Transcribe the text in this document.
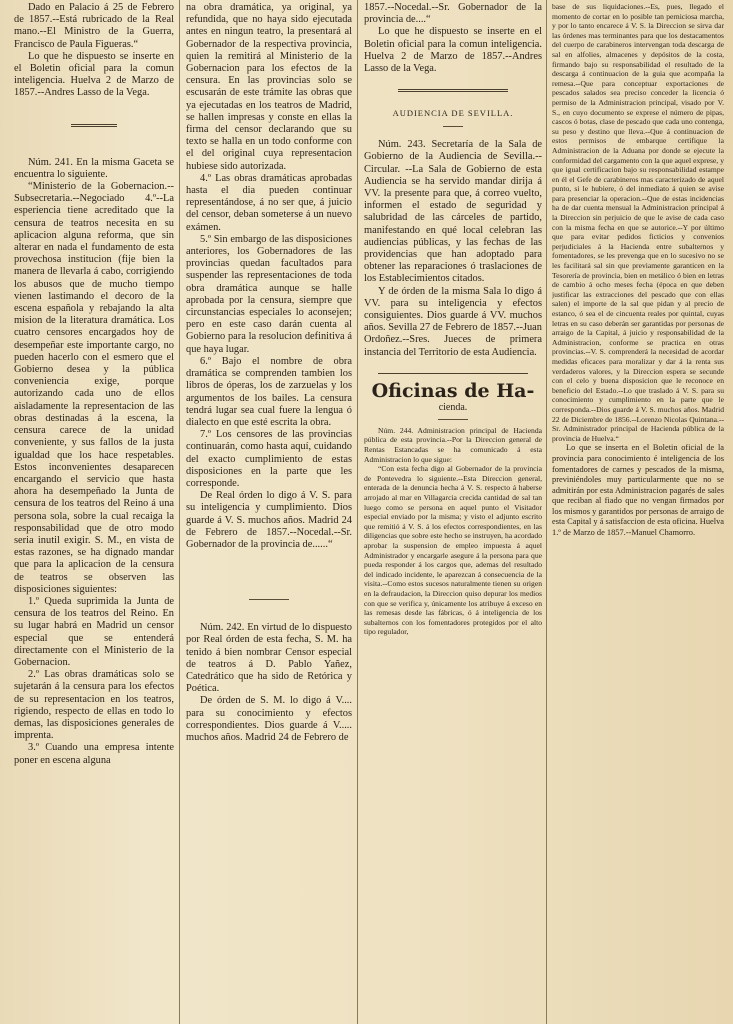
Dado en Palacio á 25 de Febrero de 1857.--Está rubricado de la Real mano.--El Ministro de la Guerra, Francisco de Paula Figueras.“

Lo que he dispuesto se inserte en el Boletin oficial para la comun inteligencia. Huelva 2 de Marzo de 1857.--Andres Lasso de la Vega.

Núm. 241. En la misma Gaceta se encuentra lo siguiente.

“Ministerio de la Gobernacion.--Subsecretaria.--Negociado 4.º--La esperiencia tiene acreditado que la censura de teatros necesita en su aplicacion alguna reforma, que sin alterar en nada el fundamento de esta provechosa institucion (fije bien la manera de llevarla á cabo, corrigiendo los abusos que de mucho tiempo vienen lastimando el decoro de la escena española y rebajando la alta mision de la literatura dramática. Los cuatro censores encargados hoy de desempeñar este importante cargo, no pueden hacerlo con el esmero que el Gobierno desea y la pública conveniencia exige, porque autorizando cada uno de ellos aisladamente la representacion de las obras destinadas á la escena, la censura carece de la unidad conveniente, y sus fallos de la justa igualdad que los hace respetables. Estos inconvenientes desaparecen encargando el servicio que hasta ahora ha desempeñado la Junta de censura de los teatros del Reino á una persona sola, sobre la cual recaiga la responsabilidad que de otro modo seria inutil exigir. S. M., en vista de estas razones, se ha dignado mandar que para la aplicacion de la censura de teatros se observen las disposiciones siguientes:

1.º Queda suprimida la Junta de censura de los teatros del Reino. En su lugar habrá en Madrid un censor especial que se entenderá directamente con el Ministerio de la Gobernacion.

2.º Las obras dramáticas solo se sujetarán á la censura para los efectos de su representacion en los teatros, rigiendo, respecto de ellas en todo lo demas, las disposiciones generales de imprenta.

3.º Cuando una empresa intente poner en escena alguna

na obra dramática, ya original, ya refundida, que no haya sido ejecutada antes en ningun teatro, la presentará al Gobernador de la respectiva provincia, quien la remitirá al Ministerio de la Gobernacion para los efectos de la censura. En las provincias solo se escusarán de este trámite las obras que ya ejecutadas en los teatros de Madrid, se hallen impresas y conste en ellas la firma del censor declarando que su texto se halla en un todo conforme con el del original cuya representacion hubiese sido autorizada.

4.º Las obras dramáticas aprobadas hasta el dia pueden continuar representándose, á no ser que, á juicio del censor, deban someterse á un nuevo exámen.

5.º Sin embargo de las disposiciones anteriores, los Gobernadores de las provincias quedan facultados para suspender las representaciones de toda obra dramática aunque se halle aprobada por la censura, siempre que circunstancias especiales lo aconsejen; pero en este caso darán cuenta al Gobierno para la resolucion definitiva á que haya lugar.

6.º Bajo el nombre de obra dramática se comprenden tambien los libros de óperas, los de zarzuelas y los argumentos de los bailes. La censura tendrá lugar sea cual fuere la lengua ó dialecto en que esté escrita la obra.

7.º Los censores de las provincias continuarán, como hasta aquí, cuidando del exacto cumplimiento de estas disposiciones en la parte que les corresponde.

De Real órden lo digo á V. S. para su inteligencia y cumplimiento. Dios guarde á V. S. muchos años. Madrid 24 de Febrero de 1857.--Nocedal.--Sr. Gobernador de la provincia de......“

Núm. 242. En virtud de lo dispuesto por Real órden de esta fecha, S. M. ha tenido á bien nombrar Censor especial de teatros á D. Pablo Yañez, Catedrático que ha sido de Retórica y Poética.

De órden de S. M. lo digo á V.... para su conocimiento y efectos correspondientes. Dios guarde á V..... muchos años. Madrid 24 de Febrero de

1857.--Nocedal.--Sr. Gobernador de la provincia de....“

Lo que he dispuesto se inserte en el Boletin oficial para la comun inteligencia. Huelva 2 de Marzo de 1857.--Andres Lasso de la Vega.

AUDIENCIA DE SEVILLA.

Núm. 243. Secretaría de la Sala de Gobierno de la Audiencia de Sevilla.--Circular. --La Sala de Gobierno de esta Audiencia se ha servido mandar dirija á VV. la presente para que, á correo vuelto, informen el estado de seguridad y salubridad de las cárceles de partido, manifestando en qué local celebran las audiencias públicas, y las fechas de las providencias que han adoptado para obtener las reparaciones ó traslaciones de los Establecimientos citados.

Y de órden de la misma Sala lo digo á VV. para su inteligencia y efectos consiguientes. Dios guarde á VV. muchos años. Sevilla 27 de Febrero de 1857.--Juan Ordoñez.--Sres. Jueces de primera instancia del Territorio de esta Audiencia.

Oficinas de Ha-
cienda.

Núm. 244. Administracion principal de Hacienda pública de esta provincia.--Por la Direccion general de Rentas Estancadas se ha comunicado á esta Administracion lo que sigue:

“Con esta fecha digo al Gobernador de la provincia de Pontevedra lo siguiente.--Esta Direccion general, enterada de la denuncia hecha á V. S. respecto á haberse arrojado al mar en Villagarcia crecida cantidad de sal tan luego como se persona en aquel punto el Visitador especial enviado por la misma; y visto el adjunto escrito que remitió á V. S. á los efectos correspondientes, en las diligencias que sobre este hecho se instruyen, ha acordado aprobar la suspension de empleo impuesta á aquel Administrador y encargarle asegure á la persona para que pueda responder á los cargos que, ademas del resultado del indicado incidente, le aparezcan á consecuencia de la visita.--Como estos sucesos naturalmente tienen su origen en la defraudacion, la Direccion quiso depurar los medios con que se verifica y, únicamente los atribuye á exceso en las remesas desde las fábricas, ó á inteligencia de los subalternos con los fomentadores protegidos por el alto tipo regulador,

base de sus liquidaciones.--Es, pues, llegado el momento de cortar en lo posible tan perniciosa marcha, y por lo tanto encarece á V. S. la Direccion se sirva dar las órdenes mas terminantes para que los destacamentos del cuerpo de carabineros intervengan toda descarga de sal en alfolies, almacenes y depósitos de la costa, firmando bajo su responsabilidad el resultado de la descarga á continuacion de la guia que acompaña la remesa.--Que para conceptuar exportaciones de pescados salados sea preciso conceder la licencia ó permiso de la Administracion principal, visado por V. S., en cuyo documento se exprese el número de pipas, cascos ó botas, clase de pescado que cada uno contenga, su peso y destino que lleva.--Que á continuacion de estos permisos de embarque certifique la Administracion de la Aduana por donde se ejecute la conformidad del cargamento con la que aquel exprese, y que igual certificacion bajo su responsabilidad estampe en él el Gefe de carabineros mas caracterizado de aquel punto, si le hubiere, ó del inmediato á quien se avise para presenciar la operacion.--Que de estas incidencias ha de dar cuenta mensual la Administracion principal á la Direccion sin perjuicio de que le avise de cada caso con la misma fecha en que se autorice.--Y por último que para evitar pedidos ficticios y convenios perjudiciales á la Hacienda entre subalternos y fomentadores, se les prevenga que en lo sucesivo no se les facilitará sal sin que previamente garanticen en la Tesorería de provincia, bien en metálico ó bien en letras de cambio á ocho meses fecha (época en que deben justificar las extracciones del pescado que con ellas salen) el importe de la sal que pidan y al precio de estanco, ó sea el de cincuenta reales por quintal, cuyas letras en su caso deberán ser garantidas por personas de arraigo de la Capital, á juicio y responsabilidad de la Administracion, conforme se practica en otras provincias.--V. S. comprenderá la necesidad de acordar medidas eficaces para moralizar y dar á la renta sus verdaderos valores, y la Direccion espera se secunde con el celo y buena disposicion que le reconoce en beneficio del Estado.--Lo que traslado á V. S. para su conocimiento y cumplimiento en la parte que le corresponda.--Dios guarde á V. S. muchos años. Madrid 22 de Diciembre de 1856.--Lorenzo Nicolas Quintana.--Sr. Administrador principal de Hacienda pública de la provincia de Huelva.“

Lo que se inserta en el Boletin oficial de la provincia para conocimiento é inteligencia de los fomentadores de carnes y pescados de la misma, previniéndoles muy particularmente que no se admitirán por esta Administracion pagarés de sales que reciban al fiado que no vengan firmados por los mismos y garantidos por personas de arraigo de esta Capital y á satisfaccion de esta oficina. Huelva 1.º de Marzo de 1857.--Manuel Chamorro.
